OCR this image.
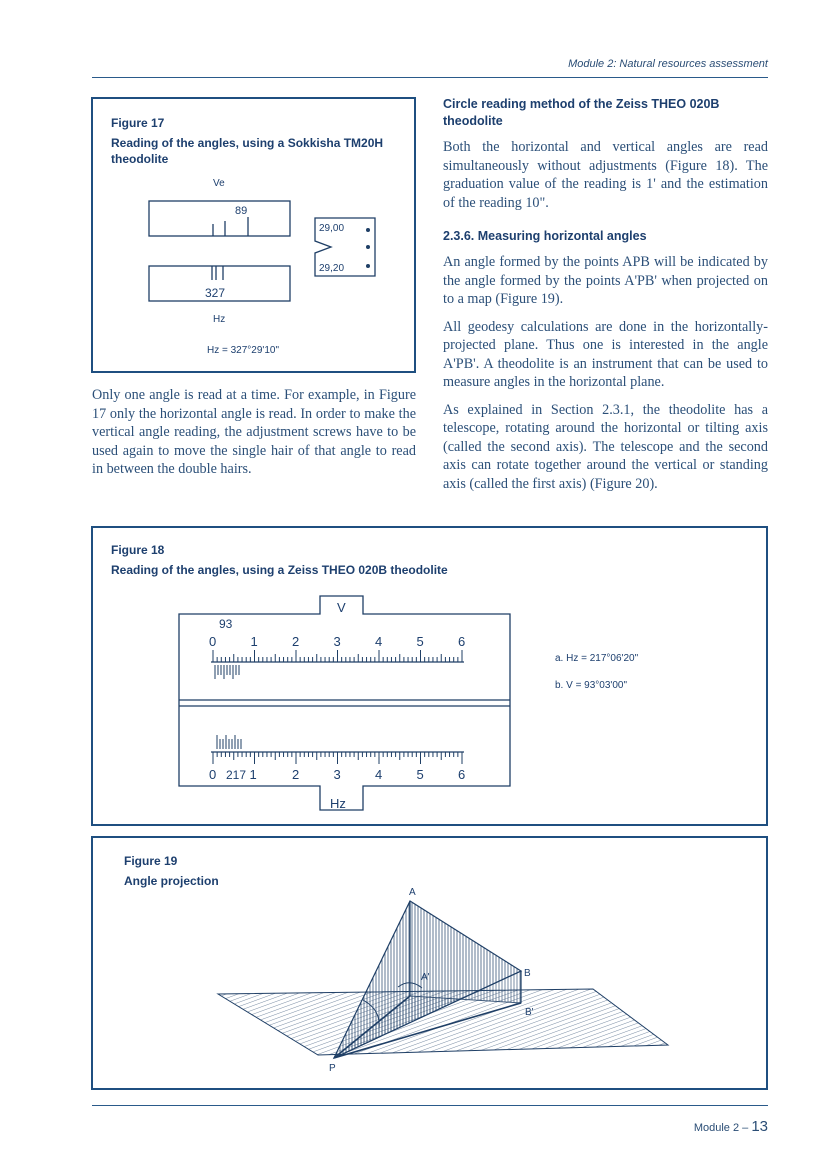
Module 2: Natural resources assessment
Figure 17
Reading of the angles, using a Sokkisha TM20H theodolite
Ve
89
327
Hz
29,00
29,20
Hz = 327°29'10"
Only one angle is read at a time. For example, in Figure 17 only the horizontal angle is read. In order to make the vertical angle reading, the adjustment screws have to be used again to move the single hair of that angle to read in between the double hairs.
Circle reading method of the Zeiss THEO 020B theodolite
Both the horizontal and vertical angles are read simultaneously without adjustments (Figure 18). The graduation value of the reading is 1' and the estimation of the reading 10".
2.3.6. Measuring horizontal angles
An angle formed by the points APB will be indicated by the angle formed by the points A'PB' when projected on to a map (Figure 19).
All geodesy calculations are done in the horizontally-projected plane. Thus one is interested in the angle A'PB'. A theodolite is an instrument that can be used to measure angles in the horizontal plane.
As explained in Section 2.3.1, the theodolite has a telescope, rotating around the horizontal or tilting axis (called the second axis). The telescope and the second axis can rotate together around the vertical or standing axis (called the first axis) (Figure 20).
Figure 18
Reading of the angles, using a Zeiss THEO 020B theodolite
V
Hz
93
0	1	2	3	4	5	6
0	1	2	3	4	5	6
217
a. Hz = 217°06'20"
b. V = 93°03'00"
Figure 19
Angle projection
A
A'	B
B'
P
Module 2 – 13
